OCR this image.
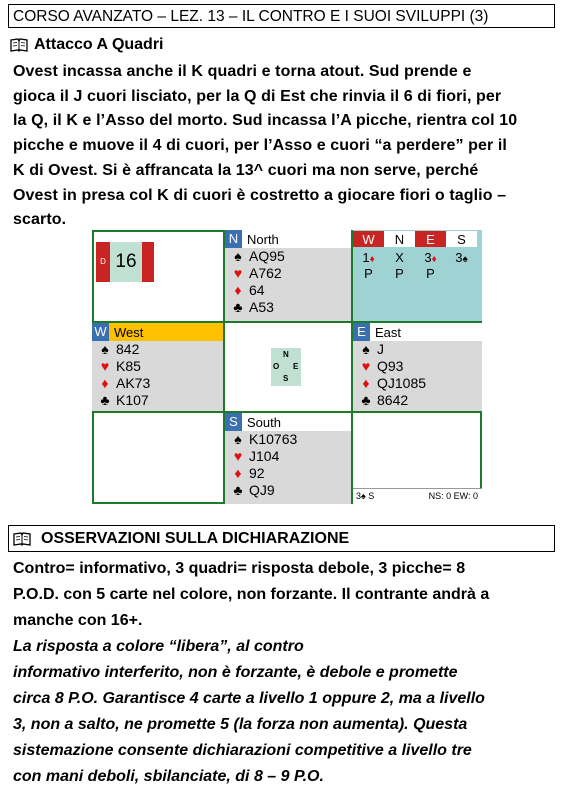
CORSO AVANZATO – LEZ. 13 – IL CONTRO E I SUOI SVILUPPI (3)
Attacco A Quadri
Ovest incassa anche il K quadri e torna atout. Sud prende e
gioca il J cuori lisciato, per la Q di Est che rinvia il 6 di fiori, per
la Q, il K e l’Asso del morto. Sud incassa l’A picche, rientra col 10
picche e muove il 4 di cuori, per l’Asso e cuori “a perdere” per il
K di Ovest. Si è affrancata la 13^ cuori ma non serve, perché
Ovest in presa col K di cuori è costretto a giocare fiori o taglio –
scarto.
D 16
N North
♠ AQ95
♥ A762
♦ 64
♣ A53
W	N	E	S
1♦	X	3♦	3♠
P	P	P
W West
♠ 842
♥ K85
♦ AK73
♣ K107
N
O E
S
E East
♠ J
♥ Q93
♦ QJ1085
♣ 8642
S South
♠ K10763
♥ J104
♦ 92
♣ QJ9	3♠ S	NS: 0 EW: 0
OSSERVAZIONI SULLA DICHIARAZIONE
Contro= informativo, 3 quadri= risposta debole, 3 picche= 8
P.O.D. con 5 carte nel colore, non forzante. Il contrante andrà a
manche con 16+.
La risposta a colore “libera”, al contro
informativo interferito, non è forzante, è debole e promette
circa 8 P.O. Garantisce 4 carte a livello 1 oppure 2, ma a livello
3, non a salto, ne promette 5 (la forza non aumenta). Questa
sistemazione consente dichiarazioni competitive a livello tre
con mani deboli, sbilanciate, di 8 – 9 P.O.
